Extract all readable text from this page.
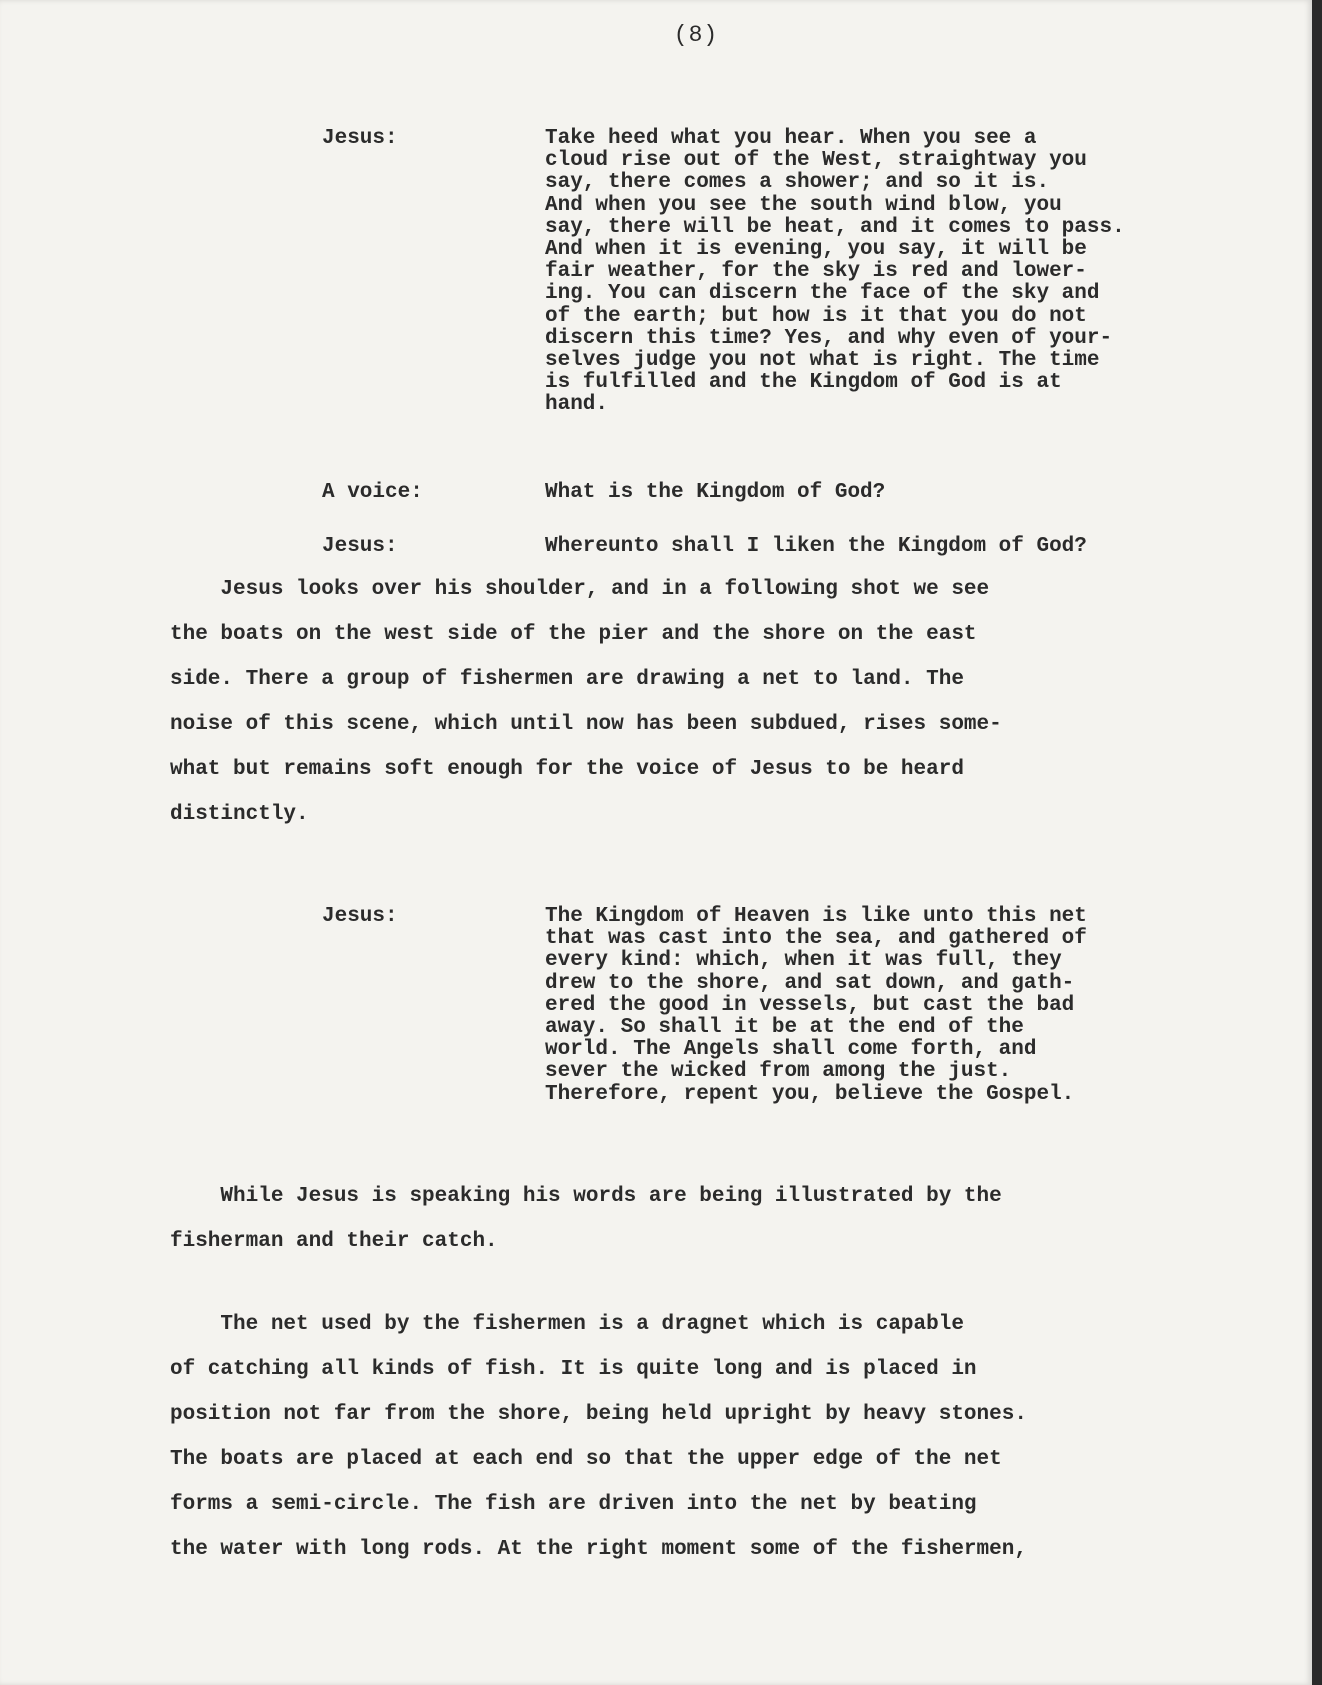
(8)
Jesus:	Take heed what you hear. When you see a
cloud rise out of the West, straightway you
say, there comes a shower; and so it is.
And when you see the south wind blow, you
say, there will be heat, and it comes to pass.
And when it is evening, you say, it will be
fair weather, for the sky is red and lower-
ing. You can discern the face of the sky and
of the earth; but how is it that you do not
discern this time? Yes, and why even of your-
selves judge you not what is right. The time
is fulfilled and the Kingdom of God is at
hand.
A voice:	What is the Kingdom of God?
Jesus:	Whereunto shall I liken the Kingdom of God?
Jesus looks over his shoulder, and in a following shot we see
the boats on the west side of the pier and the shore on the east
side. There a group of fishermen are drawing a net to land. The
noise of this scene, which until now has been subdued, rises some-
what but remains soft enough for the voice of Jesus to be heard
distinctly.
Jesus:	The Kingdom of Heaven is like unto this net
that was cast into the sea, and gathered of
every kind: which, when it was full, they
drew to the shore, and sat down, and gath-
ered the good in vessels, but cast the bad
away. So shall it be at the end of the
world. The Angels shall come forth, and
sever the wicked from among the just.
Therefore, repent you, believe the Gospel.
While Jesus is speaking his words are being illustrated by the
fisherman and their catch.
The net used by the fishermen is a dragnet which is capable
of catching all kinds of fish. It is quite long and is placed in
position not far from the shore, being held upright by heavy stones.
The boats are placed at each end so that the upper edge of the net
forms a semi-circle. The fish are driven into the net by beating
the water with long rods. At the right moment some of the fishermen,
